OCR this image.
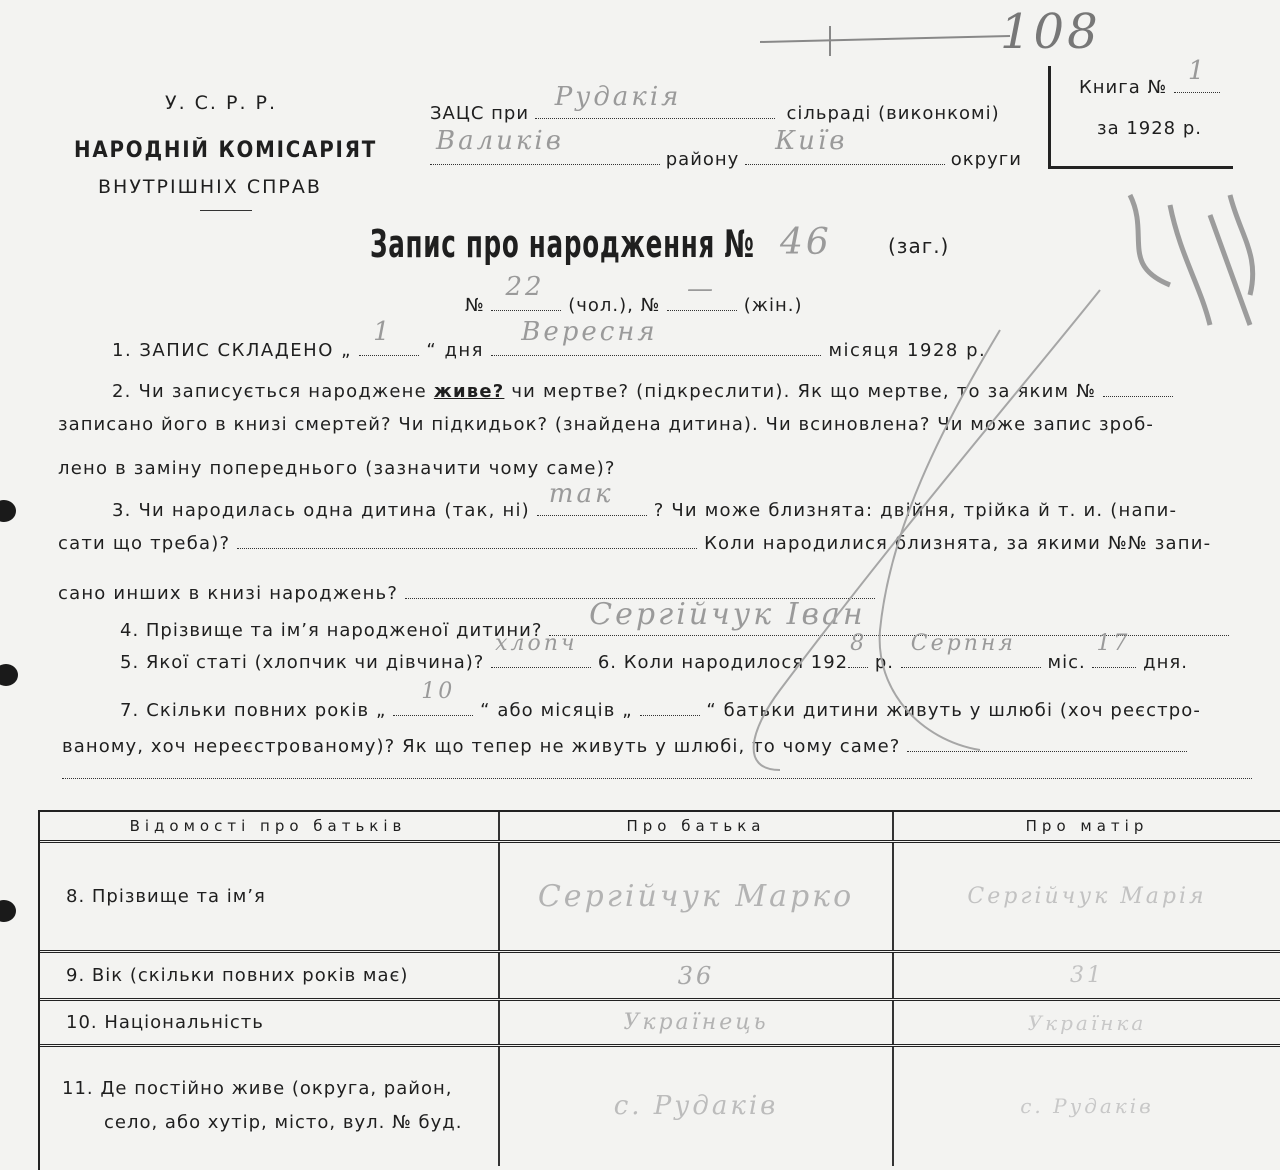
108
У. С. Р. Р.
НАРОДНІЙ КОМІСАРІЯТ
ВНУТРІШНІХ СПРАВ
ЗАЦС при
Рудакія
сільраді (виконкомі)
Валиків
району
Київ
округи
Книга №
1
за 1928 р.
Запис про народження № 46	(заг.)
№
22
(чол.), №
—
(жін.)
1. ЗАПИС СКЛАДЕНО „
1
“ дня
Вересня
місяця 1928 р.
2. Чи записується народжене живе? чи мертве? (підкреслити). Як що мертве, то за яким №
записано його в книзі смертей? Чи підкидьок? (знайдена дитина). Чи всиновлена? Чи може запис зроб-
лено в заміну попереднього (зазначити чому саме)?
3. Чи народилась одна дитина (так, ні)
так
? Чи може близнята: двійня, трійка й т. и. (напи-
сати що треба)?	Коли народилися близнята, за якими №№ запи-
сано инших в книзі народжень?
4. Прізвище та ім’я народженої дитини? Сергійчук Іван
5. Якої статі (хлопчик чи дівчина)?
хлопч
6. Коли народилося 192
8
р.
Серпня
міс.
17
дня.
7. Скільки повних років „
10
“ або місяців „	“ батьки дитини живуть у шлюбі (хоч реєстро-
ваному, хоч нереєстрованому)? Як що тепер не живуть у шлюбі, то чому саме?
Відомості про батьків	Про батька	Про матір
8. Прізвище та ім’я	Сергійчук Марко	Сергійчук Марія
9. Вік (скільки повних років має)	36	31
10. Національність	Українець	Українка

11. Де постійно живе (округа, район,
село, або хутір, місто, вул. № буд.	с. Рудаків	с. Рудаків
